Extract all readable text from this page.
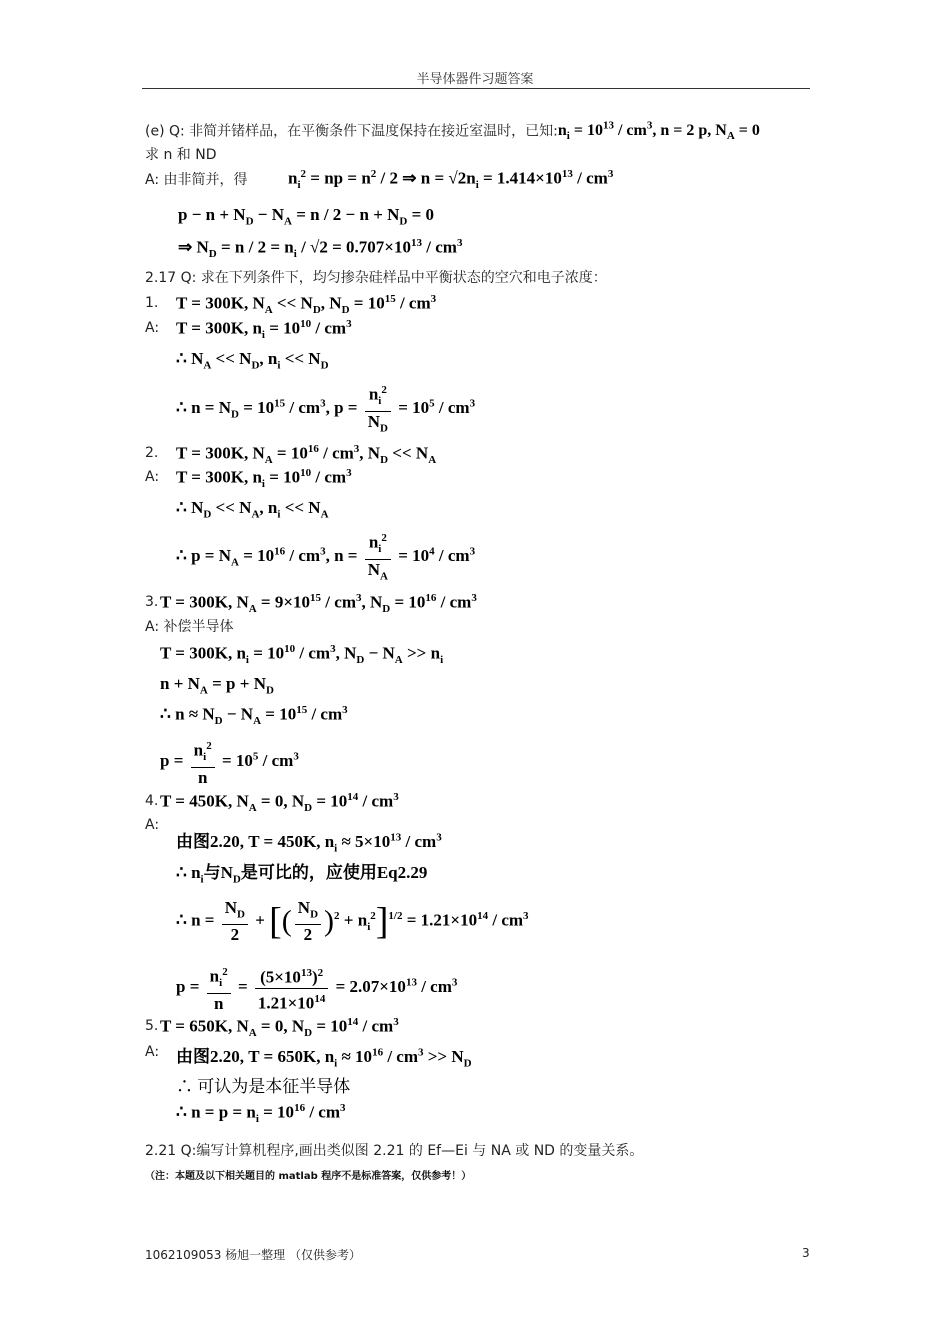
半导体器件习题答案
(e) Q: 非简并锗样品，在平衡条件下温度保持在接近室温时，已知$:n_i = 10^{13} / cm^3$, n = 2 p, $N_A = 0$
求 n 和 ND
A: 由非简并，得 $n_i^2$ = np = $n^2 / 2$ ⇒ $n = √2n_i = 1.414\times 10^{13} / cm^3$
$p - n + N_D - N_A = n / 2 - n + N_D = 0$
⇒ $N_D = n / 2 = n_i / √2 = 0.707\times 10^{13} / cm^3$
2.17 Q: 求在下列条件下，均匀掺杂硅样品中平衡状态的空穴和电子浓度：
1. T = 300K, $N_A << N_D$, $N_D = 10^{15} / cm^3$
A: T = 300K, $n_i = 10^{10} / cm^3$
∴ $N_A << N_D$, $n_i << N_D$
∴ $n = N_D = 10^{15} / cm^3$, $p = \frac{n_i^2}{N_D} = 10^5 / cm^3$
2. T = 300K, $N_A = 10^{16} / cm^3$, $N_D << N_A$
A: T = 300K, $n_i = 10^{10} / cm^3$
∴ $N_D << N_A$, $n_i << N_A$
∴ $p = N_A = 10^{16} / cm^3$, $n = \frac{n_i^2}{N_A} = 10^4 / cm^3$
3. T = 300K, $N_A = 9\times 10^{15} / cm^3$, $N_D = 10^{16} / cm^3$
A: 补偿半导体
T = 300K, $n_i = 10^{10} / cm^3$, $N_D - N_A >> n_i$
$n + N_A = p + N_D$
∴ $n \approx N_D - N_A = 10^{15} / cm^3$
$p = \frac{n_i^2}{n} = 10^5 / cm^3$
4. T = 450K, $N_A = 0$, $N_D = 10^{14} / cm^3$
A:
由图2.20, T = 450K, $n_i \approx 5\times 10^{13} / cm^3$
∴ $n_i$与$N_D$是可比的，应使用Eq2.29
∴ $n = \frac{N_D}{2}$ + [( $\frac{N_D}{2} )^2 + n_i^2]^{1/2} = 1.21\times 10^{14} / cm^3$
$p = \frac{n_i^2}{n} = \frac{(5\times 10^{13})^2}{1.21\times 10^{14}} = 2.07\times 10^{13} / cm^3$
5. T = 650K, $N_A = 0$, $N_D = 10^{14} / cm^3$
A: 由图2.20, T = 650K, $n_i \approx 10^{16} / cm^3 >> N_D$
∴ 可认为是本征半导体
∴ $n = p = n_i = 10^{16} / cm^3$
2.21 Q:编写计算机程序,画出类似图 2.21 的 Ef—Ei 与 NA 或 ND 的变量关系。
（注：本题及以下相关题目的 matlab 程序不是标准答案，仅供参考！）
1062109053 杨旭一整理 （仅供参考）	3
